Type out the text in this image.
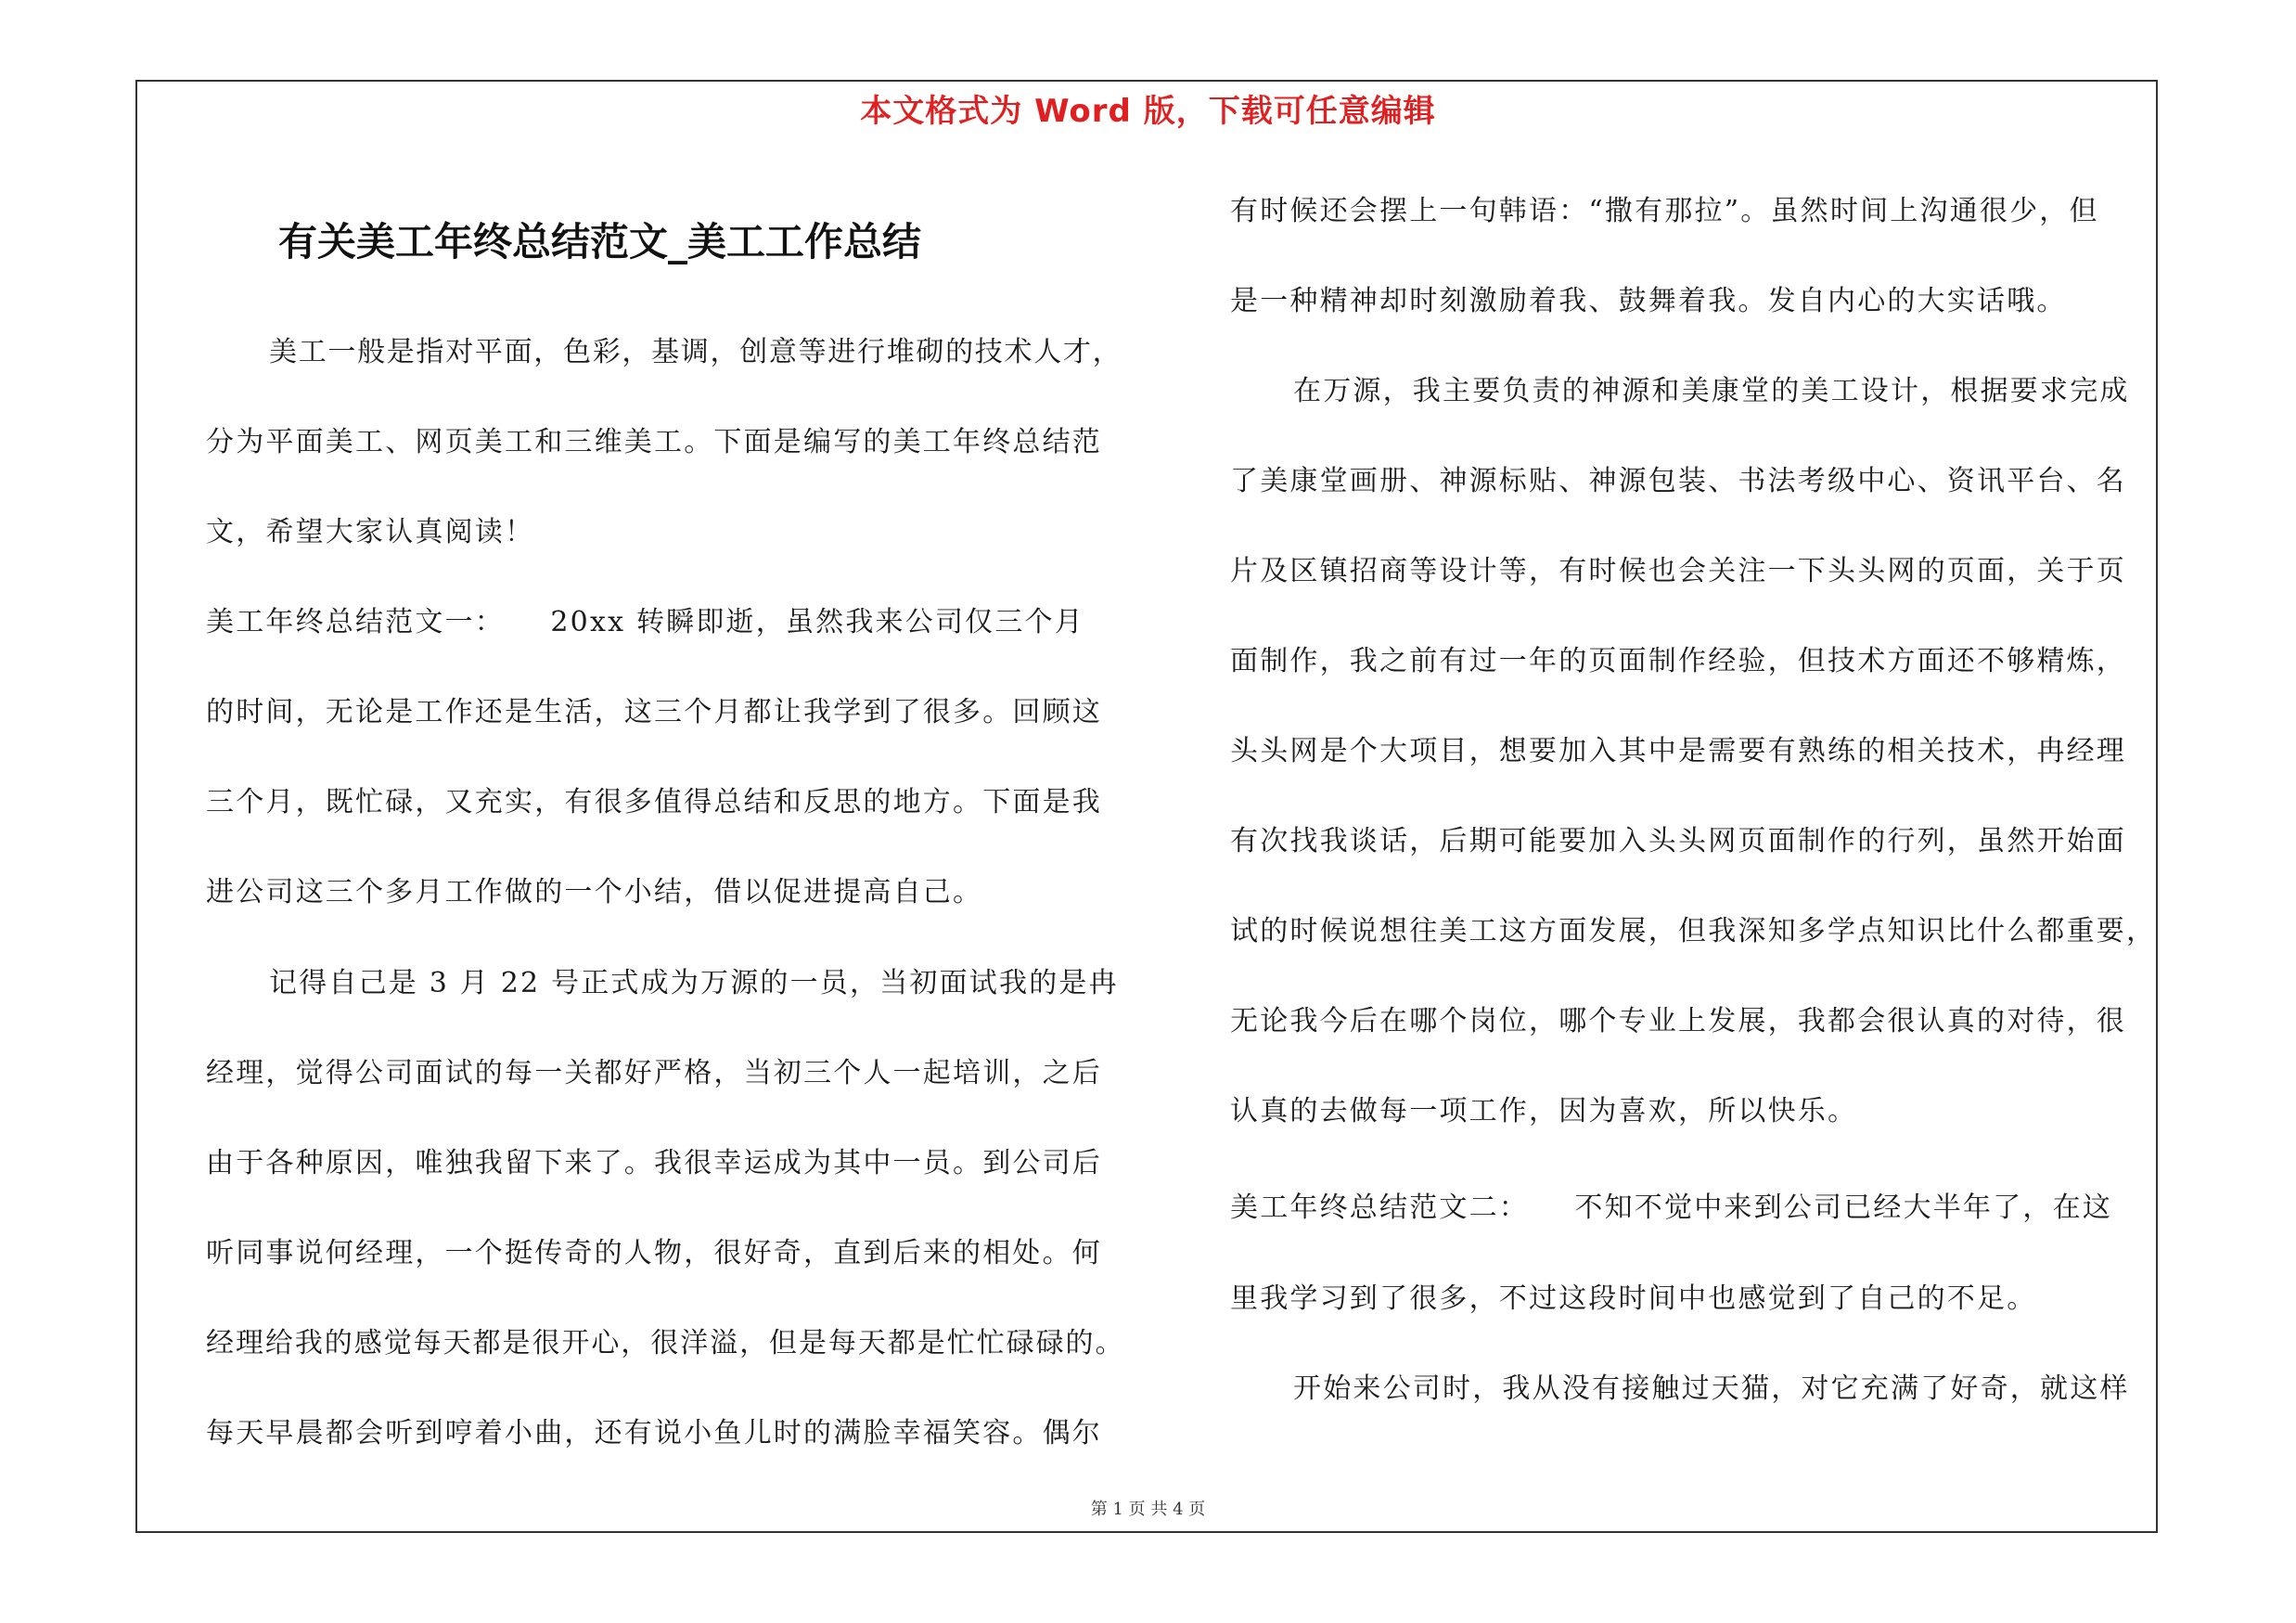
本文格式为 Word 版，下载可任意编辑
有关美工年终总结范文_美工工作总结
美工一般是指对平面，色彩，基调，创意等进行堆砌的技术人才，
分为平面美工、网页美工和三维美工。下面是编写的美工年终总结范
文，希望大家认真阅读！
美工年终总结范文一：　　20xx 转瞬即逝，虽然我来公司仅三个月
的时间，无论是工作还是生活，这三个月都让我学到了很多。回顾这
三个月，既忙碌，又充实，有很多值得总结和反思的地方。下面是我
进公司这三个多月工作做的一个小结，借以促进提高自己。
记得自己是 3 月 22 号正式成为万源的一员，当初面试我的是冉
经理，觉得公司面试的每一关都好严格，当初三个人一起培训，之后
由于各种原因，唯独我留下来了。我很幸运成为其中一员。到公司后
听同事说何经理，一个挺传奇的人物，很好奇，直到后来的相处。何
经理给我的感觉每天都是很开心，很洋溢，但是每天都是忙忙碌碌的。
每天早晨都会听到哼着小曲，还有说小鱼儿时的满脸幸福笑容。偶尔
有时候还会摆上一句韩语：“撒有那拉”。虽然时间上沟通很少，但
是一种精神却时刻激励着我、鼓舞着我。发自内心的大实话哦。
在万源，我主要负责的神源和美康堂的美工设计，根据要求完成
了美康堂画册、神源标贴、神源包装、书法考级中心、资讯平台、名
片及区镇招商等设计等，有时候也会关注一下头头网的页面，关于页
面制作，我之前有过一年的页面制作经验，但技术方面还不够精炼，
头头网是个大项目，想要加入其中是需要有熟练的相关技术，冉经理
有次找我谈话，后期可能要加入头头网页面制作的行列，虽然开始面
试的时候说想往美工这方面发展，但我深知多学点知识比什么都重要，
无论我今后在哪个岗位，哪个专业上发展，我都会很认真的对待，很
认真的去做每一项工作，因为喜欢，所以快乐。
美工年终总结范文二：　　不知不觉中来到公司已经大半年了，在这
里我学习到了很多，不过这段时间中也感觉到了自己的不足。
开始来公司时，我从没有接触过天猫，对它充满了好奇，就这样
第 1 页 共 4 页
